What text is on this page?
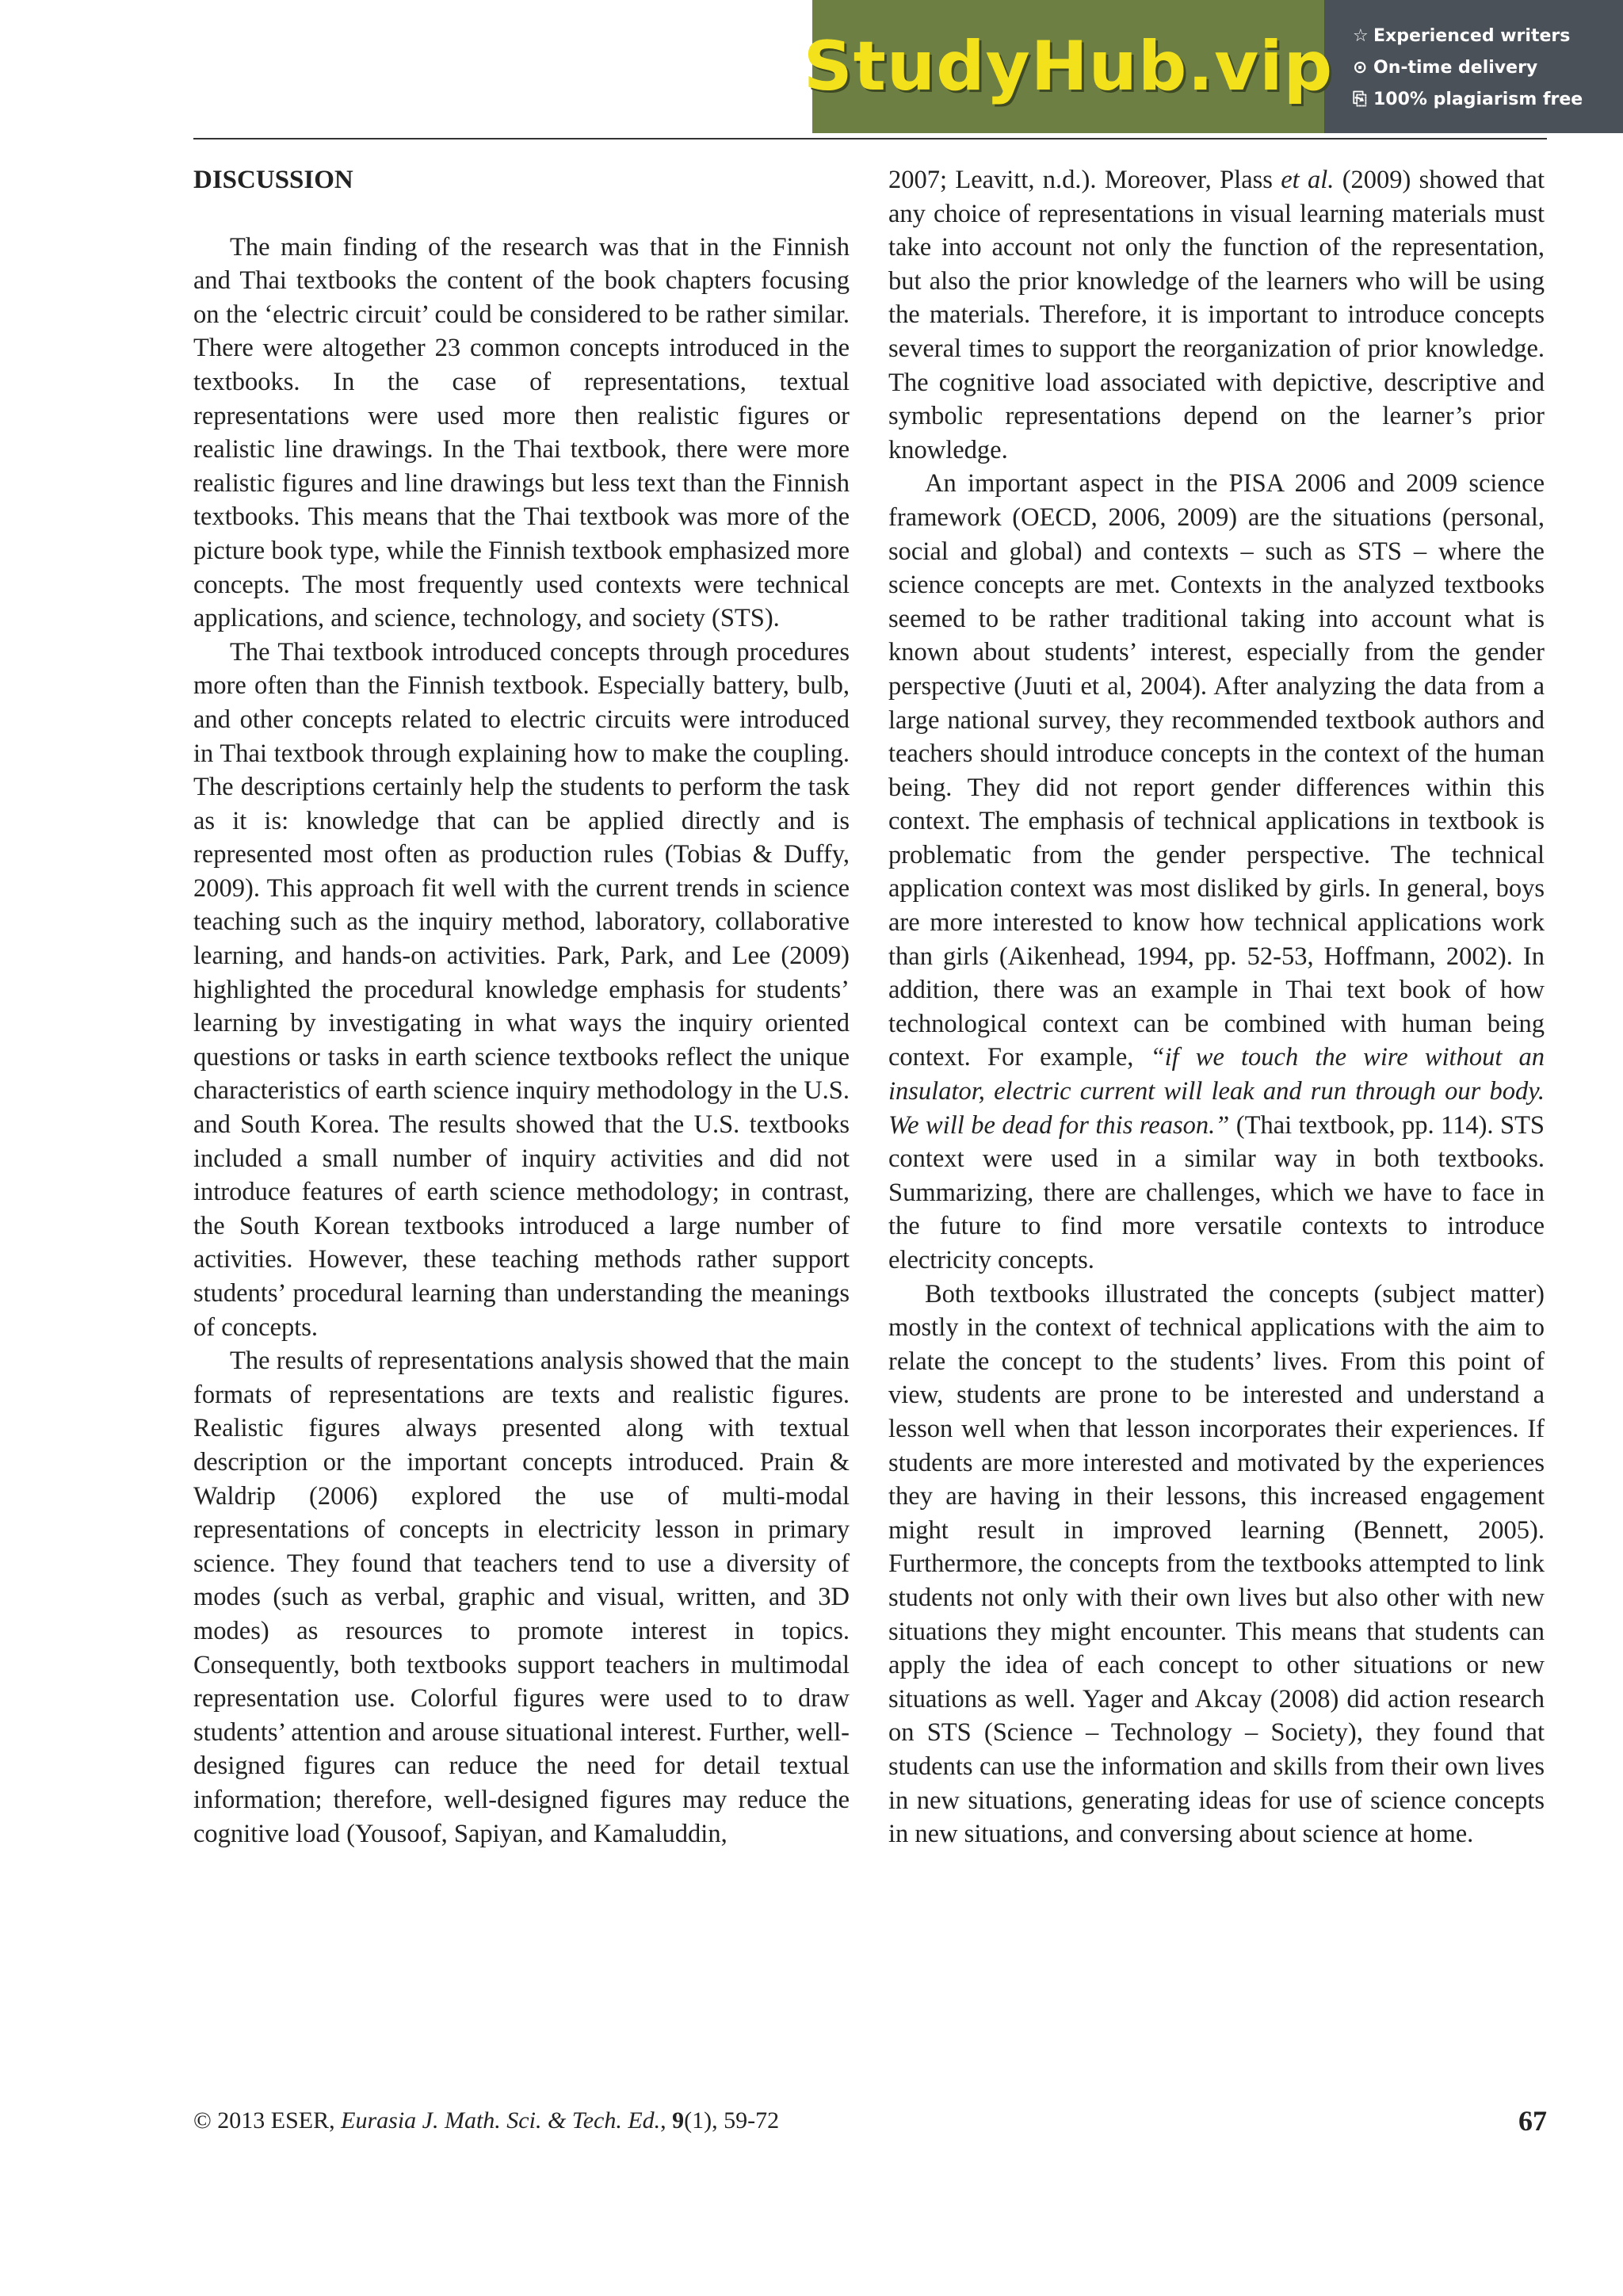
StudyHub.vip ☆ Experienced writers
⊙ On-time delivery
⎘ 100% plagiarism free
DISCUSSION

The main finding of the research was that in the Finnish and Thai textbooks the content of the book chapters focusing on the ‘electric circuit’ could be considered to be rather similar. There were altogether 23 common concepts introduced in the textbooks. In the case of representations, textual representations were used more then realistic figures or realistic line drawings. In the Thai textbook, there were more realistic figures and line drawings but less text than the Finnish textbooks. This means that the Thai textbook was more of the picture book type, while the Finnish textbook emphasized more concepts. The most frequently used contexts were technical applications, and science, technology, and society (STS).

The Thai textbook introduced concepts through procedures more often than the Finnish textbook. Especially battery, bulb, and other concepts related to electric circuits were introduced in Thai textbook through explaining how to make the coupling. The descriptions certainly help the students to perform the task as it is: knowledge that can be applied directly and is represented most often as production rules (Tobias & Duffy, 2009). This approach fit well with the current trends in science teaching such as the inquiry method, laboratory, collaborative learning, and hands-on activities. Park, Park, and Lee (2009) highlighted the procedural knowledge emphasis for students’ learning by investigating in what ways the inquiry oriented questions or tasks in earth science textbooks reflect the unique characteristics of earth science inquiry methodology in the U.S. and South Korea. The results showed that the U.S. textbooks included a small number of inquiry activities and did not introduce features of earth science methodology; in contrast, the South Korean textbooks introduced a large number of activities. However, these teaching methods rather support students’ procedural learning than understanding the meanings of concepts.

The results of representations analysis showed that the main formats of representations are texts and realistic figures. Realistic figures always presented along with textual description or the important concepts introduced. Prain & Waldrip (2006) explored the use of multi-modal representations of concepts in electricity lesson in primary science. They found that teachers tend to use a diversity of modes (such as verbal, graphic and visual, written, and 3D modes) as resources to promote interest in topics. Consequently, both textbooks support teachers in multimodal representation use. Colorful figures were used to to draw students’ attention and arouse situational interest. Further, well-designed figures can reduce the need for detail textual information; therefore, well-designed figures may reduce the cognitive load (Yousoof, Sapiyan, and Kamaluddin,

2007; Leavitt, n.d.). Moreover, Plass et al. (2009) showed that any choice of representations in visual learning materials must take into account not only the function of the representation, but also the prior knowledge of the learners who will be using the materials. Therefore, it is important to introduce concepts several times to support the reorganization of prior knowledge. The cognitive load associated with depictive, descriptive and symbolic representations depend on the learner’s prior knowledge.

An important aspect in the PISA 2006 and 2009 science framework (OECD, 2006, 2009) are the situations (personal, social and global) and contexts – such as STS – where the science concepts are met. Contexts in the analyzed textbooks seemed to be rather traditional taking into account what is known about students’ interest, especially from the gender perspective (Juuti et al, 2004). After analyzing the data from a large national survey, they recommended textbook authors and teachers should introduce concepts in the context of the human being. They did not report gender differences within this context. The emphasis of technical applications in textbook is problematic from the gender perspective. The technical application context was most disliked by girls. In general, boys are more interested to know how technical applications work than girls (Aikenhead, 1994, pp. 52-53, Hoffmann, 2002). In addition, there was an example in Thai text book of how technological context can be combined with human being context. For example, “if we touch the wire without an insulator, electric current will leak and run through our body. We will be dead for this reason.” (Thai textbook, pp. 114). STS context were used in a similar way in both textbooks. Summarizing, there are challenges, which we have to face in the future to find more versatile contexts to introduce electricity concepts.

Both textbooks illustrated the concepts (subject matter) mostly in the context of technical applications with the aim to relate the concept to the students’ lives. From this point of view, students are prone to be interested and understand a lesson well when that lesson incorporates their experiences. If students are more interested and motivated by the experiences they are having in their lessons, this increased engagement might result in improved learning (Bennett, 2005). Furthermore, the concepts from the textbooks attempted to link students not only with their own lives but also other with new situations they might encounter. This means that students can apply the idea of each concept to other situations or new situations as well. Yager and Akcay (2008) did action research on STS (Science – Technology – Society), they found that students can use the information and skills from their own lives in new situations, generating ideas for use of science concepts in new situations, and conversing about science at home.

© 2013 ESER, Eurasia J. Math. Sci. & Tech. Ed., 9(1), 59-72	67
